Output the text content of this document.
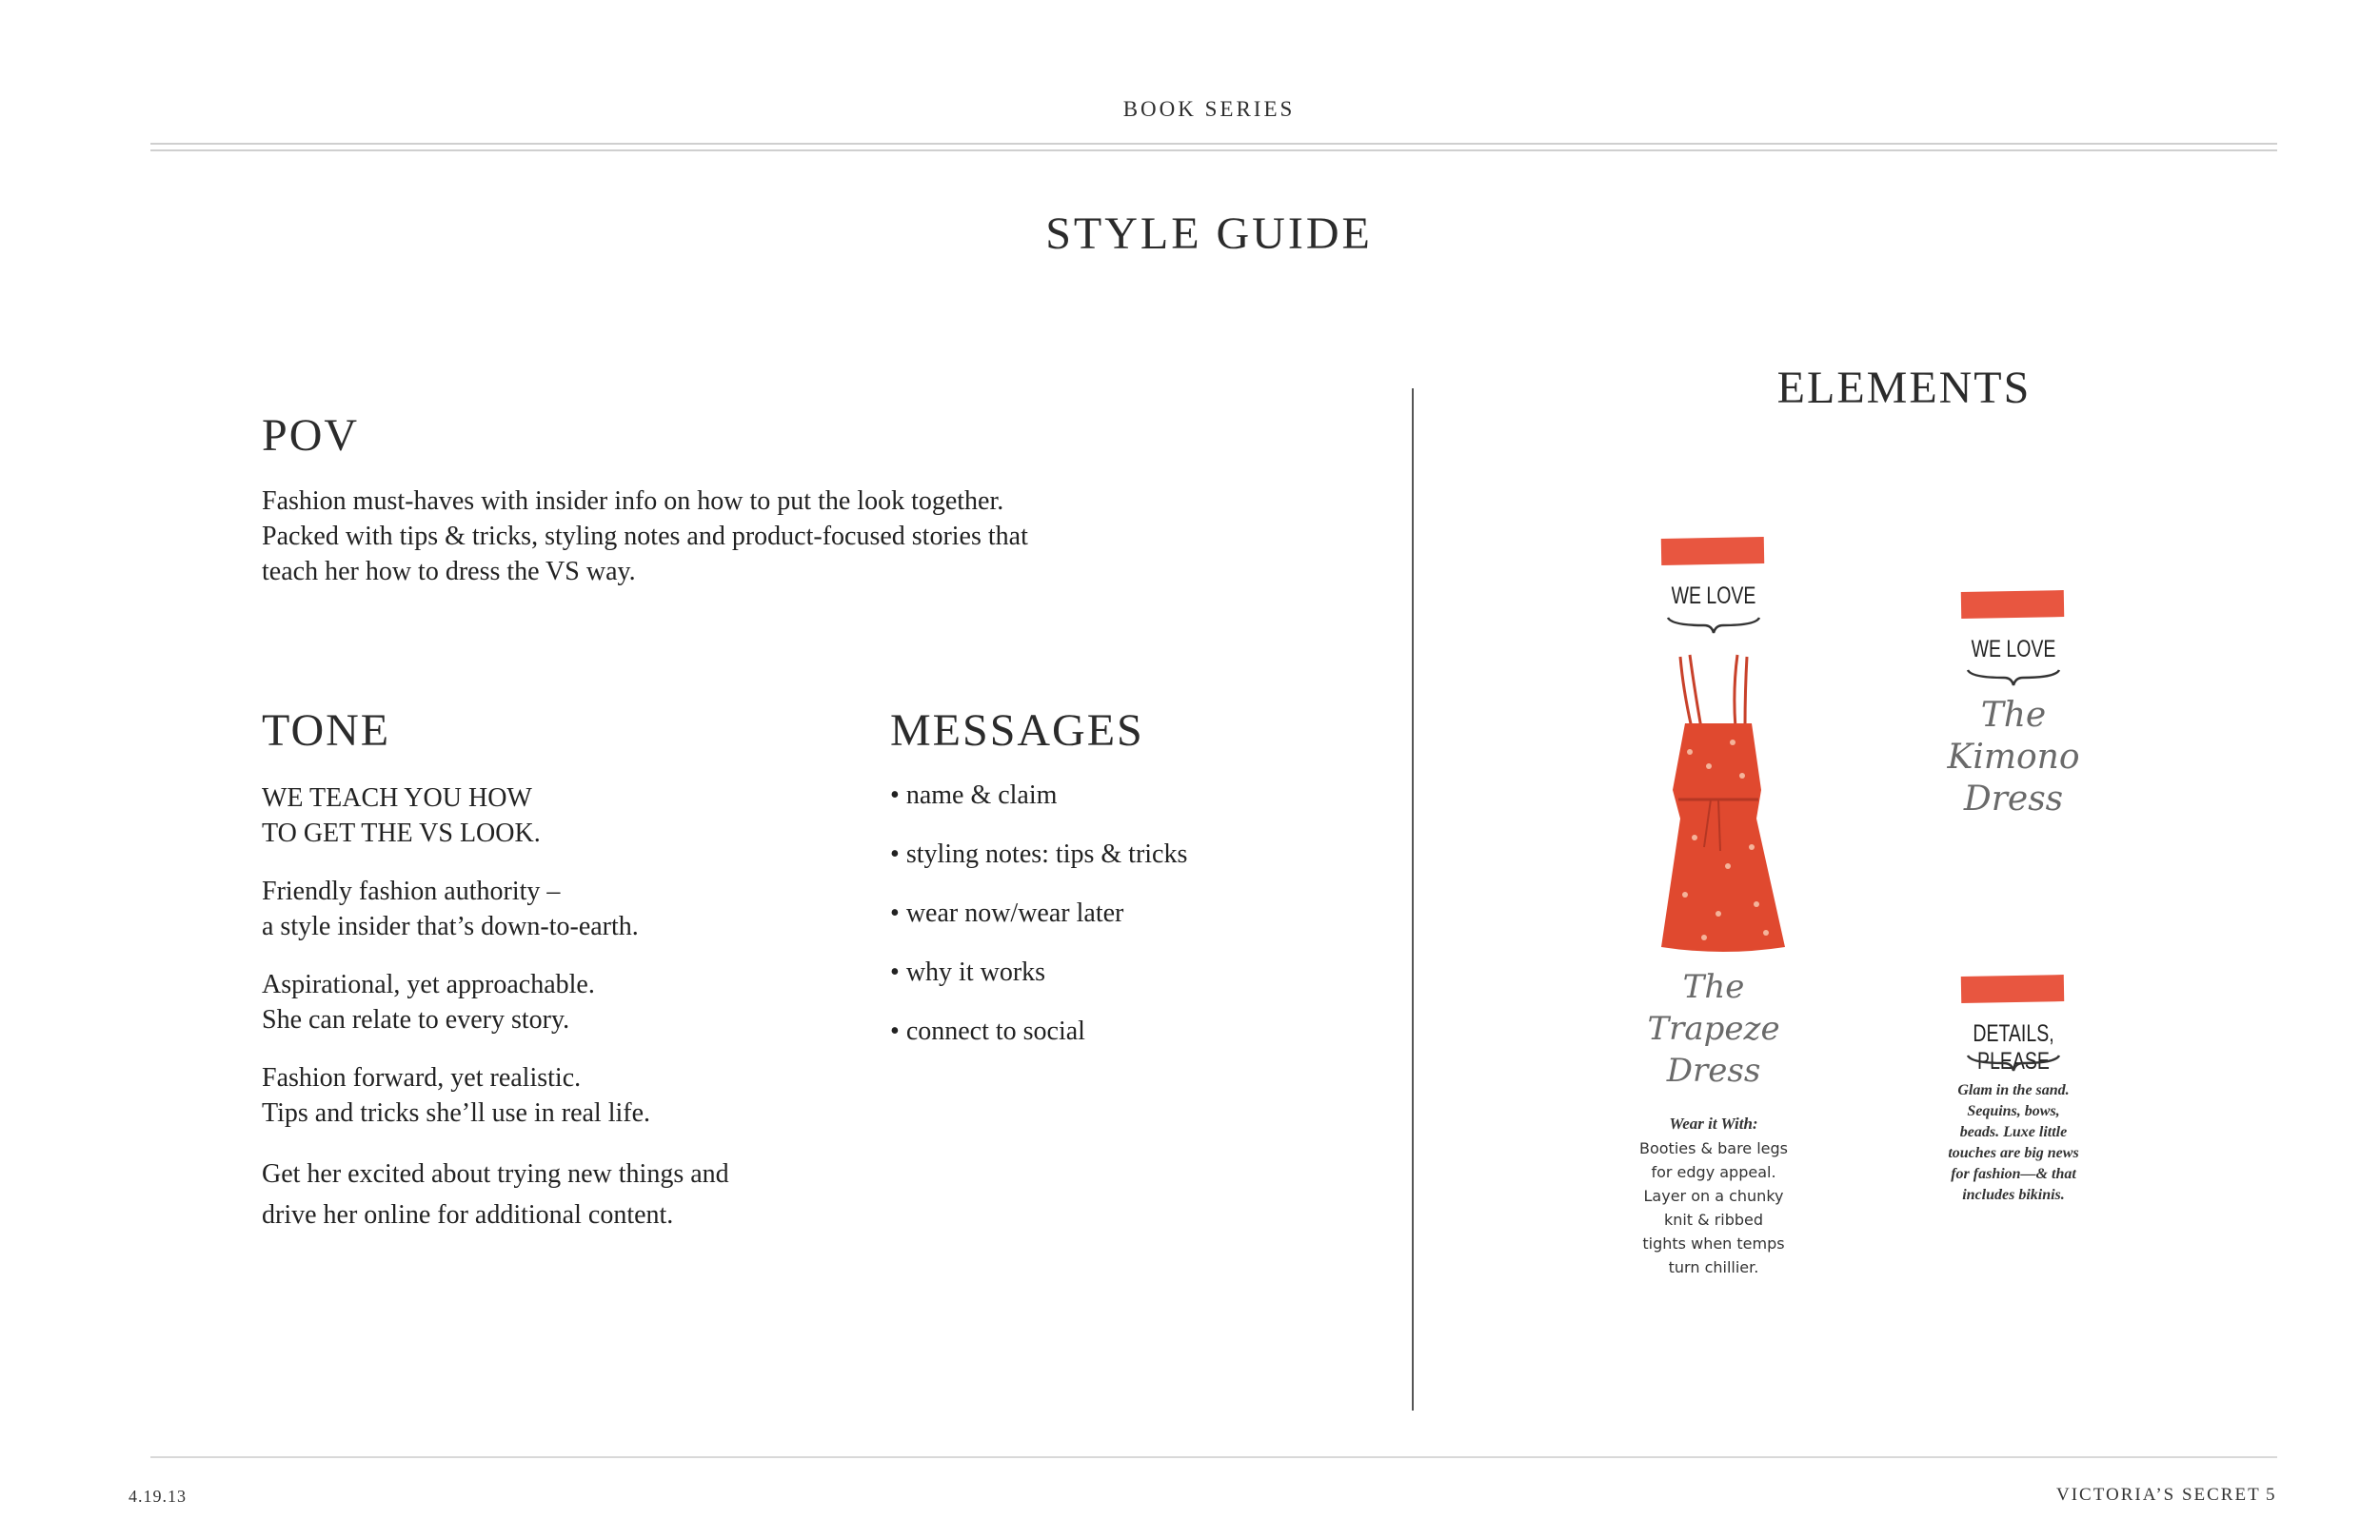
BOOK SERIES
STYLE GUIDE
POV
Fashion must-haves with insider info on how to put the look together.
Packed with tips & tricks, styling notes and product-focused stories that
teach her how to dress the VS way.
TONE
WE TEACH YOU HOW
TO GET THE VS LOOK.
Friendly fashion authority –
a style insider that’s down-to-earth.
Aspirational, yet approachable.
She can relate to every story.
Fashion forward, yet realistic.
Tips and tricks she’ll use in real life.
Get her excited about trying new things and
drive her online for additional content.
MESSAGES
• name & claim
• styling notes: tips & tricks
• wear now/wear later
• why it works
• connect to social
ELEMENTS
WE LOVE
The
Trapeze
Dress
Wear it With:
Booties & bare legs
for edgy appeal.
Layer on a chunky
knit & ribbed
tights when temps
turn chillier.
WE LOVE
The
Kimono
Dress
DETAILS, PLEASE
Glam in the sand.
Sequins, bows,
beads. Luxe little
touches are big news
for fashion—& that
includes bikinis.
4.19.13	VICTORIA’S SECRET 5
